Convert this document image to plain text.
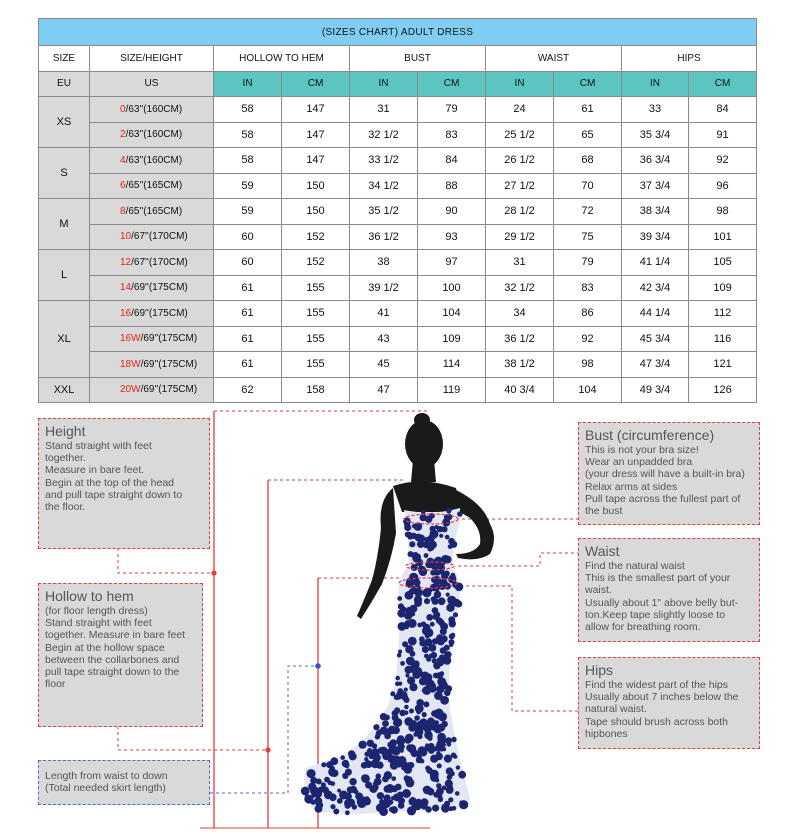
(SIZES CHART) ADULT DRESS									
SIZE	SIZE/HEIGHT	HOLLOW TO HEM		BUST		WAIST		HIPS	
EU	US	IN	CM	IN	CM	IN	CM	IN	CM
XS	0/63''(160CM)	58	147	31	79	24	61	33	84
	2/63''(160CM)	58	147	32 1/2	83	25 1/2	65	35 3/4	91
S	4/63''(160CM)	58	147	33 1/2	84	26 1/2	68	36 3/4	92
	6/65''(165CM)	59	150	34 1/2	88	27 1/2	70	37 3/4	96
M	8/65''(165CM)	59	150	35 1/2	90	28 1/2	72	38 3/4	98
	10/67''(170CM)	60	152	36 1/2	93	29 1/2	75	39 3/4	101
L	12/67''(170CM)	60	152	38	97	31	79	41 1/4	105
	14/69''(175CM)	61	155	39 1/2	100	32 1/2	83	42 3/4	109
XL	16/69''(175CM)	61	155	41	104	34	86	44 1/4	112
	16W/69''(175CM)	61	155	43	109	36 1/2	92	45 3/4	116
	18W/69''(175CM)	61	155	45	114	38 1/2	98	47 3/4	121
XXL	20W/69''(175CM)	62	158	47	119	40 3/4	104	49 3/4	126
Height
Stand straight with feet
together.
Measure in bare feet.
Begin at the top of the head
and pull tape straight down to
the floor.
Hollow to hem
(for floor length dress)
Stand straight with feet
together. Measure in bare feet
Begin at the hollow space
between the collarbones and
pull tape straight down to the
floor
Length from waist to down
(Total needed skirt length)
Bust (circumference)
This is not your bra size!
Wear an unpadded bra
(your dress will have a built-in bra)
Relax arms at sides
Pull tape across the fullest part of
the bust
Waist
Find the natural waist
This is the smallest part of your
waist.
Usually about 1" above belly but-
ton.Keep tape slightly loose to
allow for breathing room.
Hips
Find the widest part of the hips
Usually about 7 inches below the
natural waist.
Tape should brush across both
hipbones
